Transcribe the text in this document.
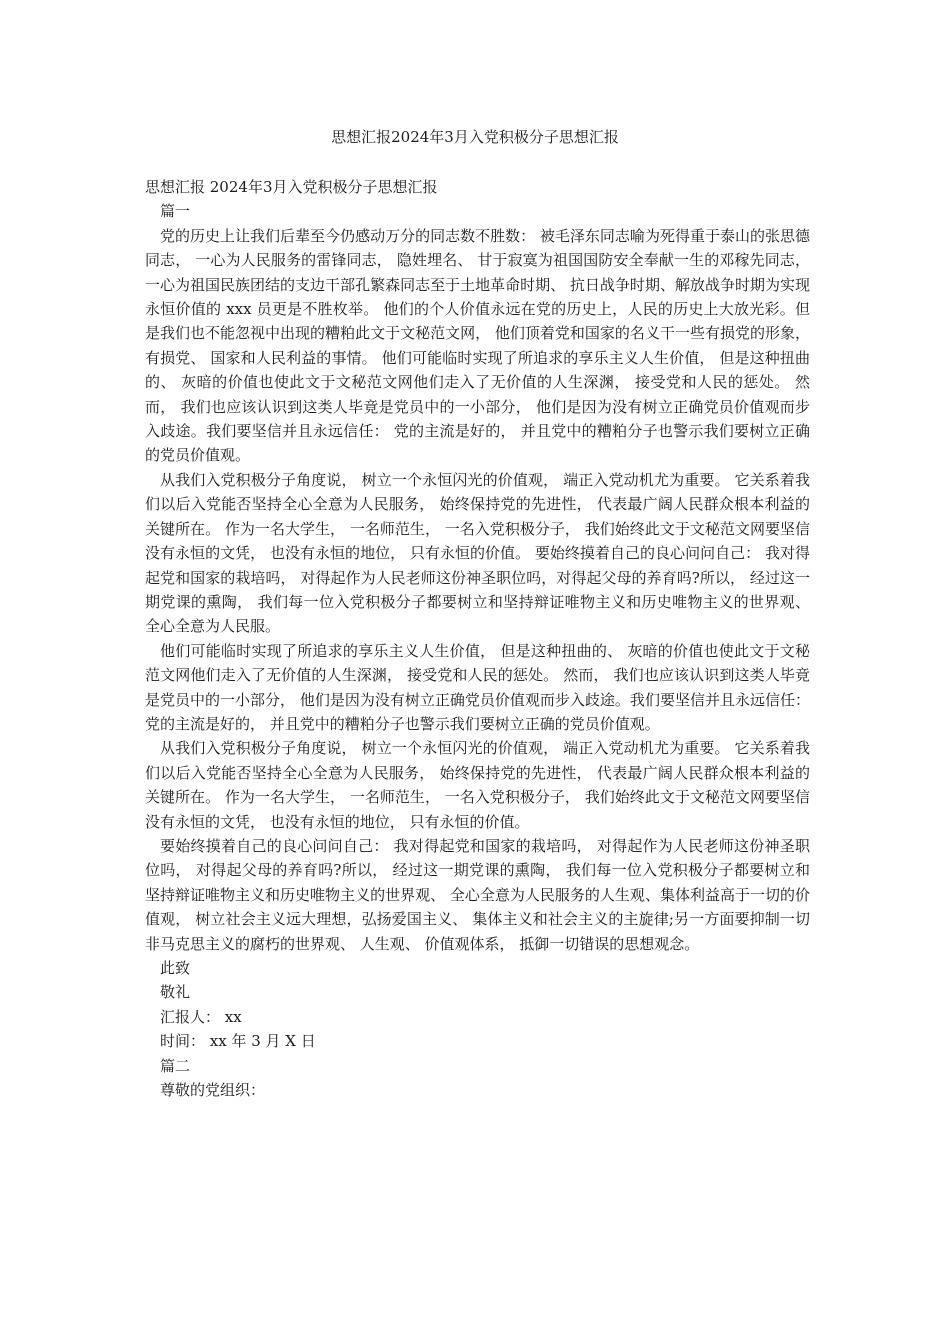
思想汇报2024年3月入党积极分子思想汇报

思想汇报 2024年3月入党积极分子思想汇报

篇一

党的历史上让我们后辈至今仍感动万分的同志数不胜数： 被毛泽东同志喻为死得重于泰山的张思德同志， 一心为人民服务的雷锋同志， 隐姓埋名、 甘于寂寞为祖国国防安全奉献一生的邓稼先同志，一心为祖国民族团结的支边干部孔繁森同志至于土地革命时期、 抗日战争时期、解放战争时期为实现永恒价值的 xxx 员更是不胜枚举。 他们的个人价值永远在党的历史上，人民的历史上大放光彩。但是我们也不能忽视中出现的糟粕此文于文秘范文网， 他们顶着党和国家的名义干一些有损党的形象， 有损党、 国家和人民利益的事情。 他们可能临时实现了所追求的享乐主义人生价值， 但是这种扭曲的、 灰暗的价值也使此文于文秘范文网他们走入了无价值的人生深渊， 接受党和人民的惩处。 然而， 我们也应该认识到这类人毕竟是党员中的一小部分， 他们是因为没有树立正确党员价值观而步入歧途。我们要坚信并且永远信任： 党的主流是好的， 并且党中的糟粕分子也警示我们要树立正确的党员价值观。

从我们入党积极分子角度说， 树立一个永恒闪光的价值观， 端正入党动机尤为重要。 它关系着我们以后入党能否坚持全心全意为人民服务， 始终保持党的先进性， 代表最广阔人民群众根本利益的关键所在。 作为一名大学生， 一名师范生， 一名入党积极分子， 我们始终此文于文秘范文网要坚信没有永恒的文凭， 也没有永恒的地位， 只有永恒的价值。 要始终摸着自己的良心问问自己： 我对得起党和国家的栽培吗， 对得起作为人民老师这份神圣职位吗，对得起父母的养育吗?所以， 经过这一期党课的熏陶， 我们每一位入党积极分子都要树立和坚持辩证唯物主义和历史唯物主义的世界观、 全心全意为人民服。

他们可能临时实现了所追求的享乐主义人生价值， 但是这种扭曲的、 灰暗的价值也使此文于文秘范文网他们走入了无价值的人生深渊， 接受党和人民的惩处。 然而， 我们也应该认识到这类人毕竟是党员中的一小部分， 他们是因为没有树立正确党员价值观而步入歧途。我们要坚信并且永远信任： 党的主流是好的， 并且党中的糟粕分子也警示我们要树立正确的党员价值观。

从我们入党积极分子角度说， 树立一个永恒闪光的价值观， 端正入党动机尤为重要。 它关系着我们以后入党能否坚持全心全意为人民服务， 始终保持党的先进性， 代表最广阔人民群众根本利益的关键所在。 作为一名大学生， 一名师范生， 一名入党积极分子， 我们始终此文于文秘范文网要坚信没有永恒的文凭， 也没有永恒的地位， 只有永恒的价值。

要始终摸着自己的良心问问自己： 我对得起党和国家的栽培吗， 对得起作为人民老师这份神圣职位吗， 对得起父母的养育吗?所以， 经过这一期党课的熏陶， 我们每一位入党积极分子都要树立和坚持辩证唯物主义和历史唯物主义的世界观、 全心全意为人民服务的人生观、集体利益高于一切的价值观， 树立社会主义远大理想，弘扬爱国主义、 集体主义和社会主义的主旋律;另一方面要抑制一切非马克思主义的腐朽的世界观、 人生观、 价值观体系， 抵御一切错误的思想观念。

此致

敬礼

汇报人： xx

时间： xx 年 3 月 X 日

篇二

尊敬的党组织：
